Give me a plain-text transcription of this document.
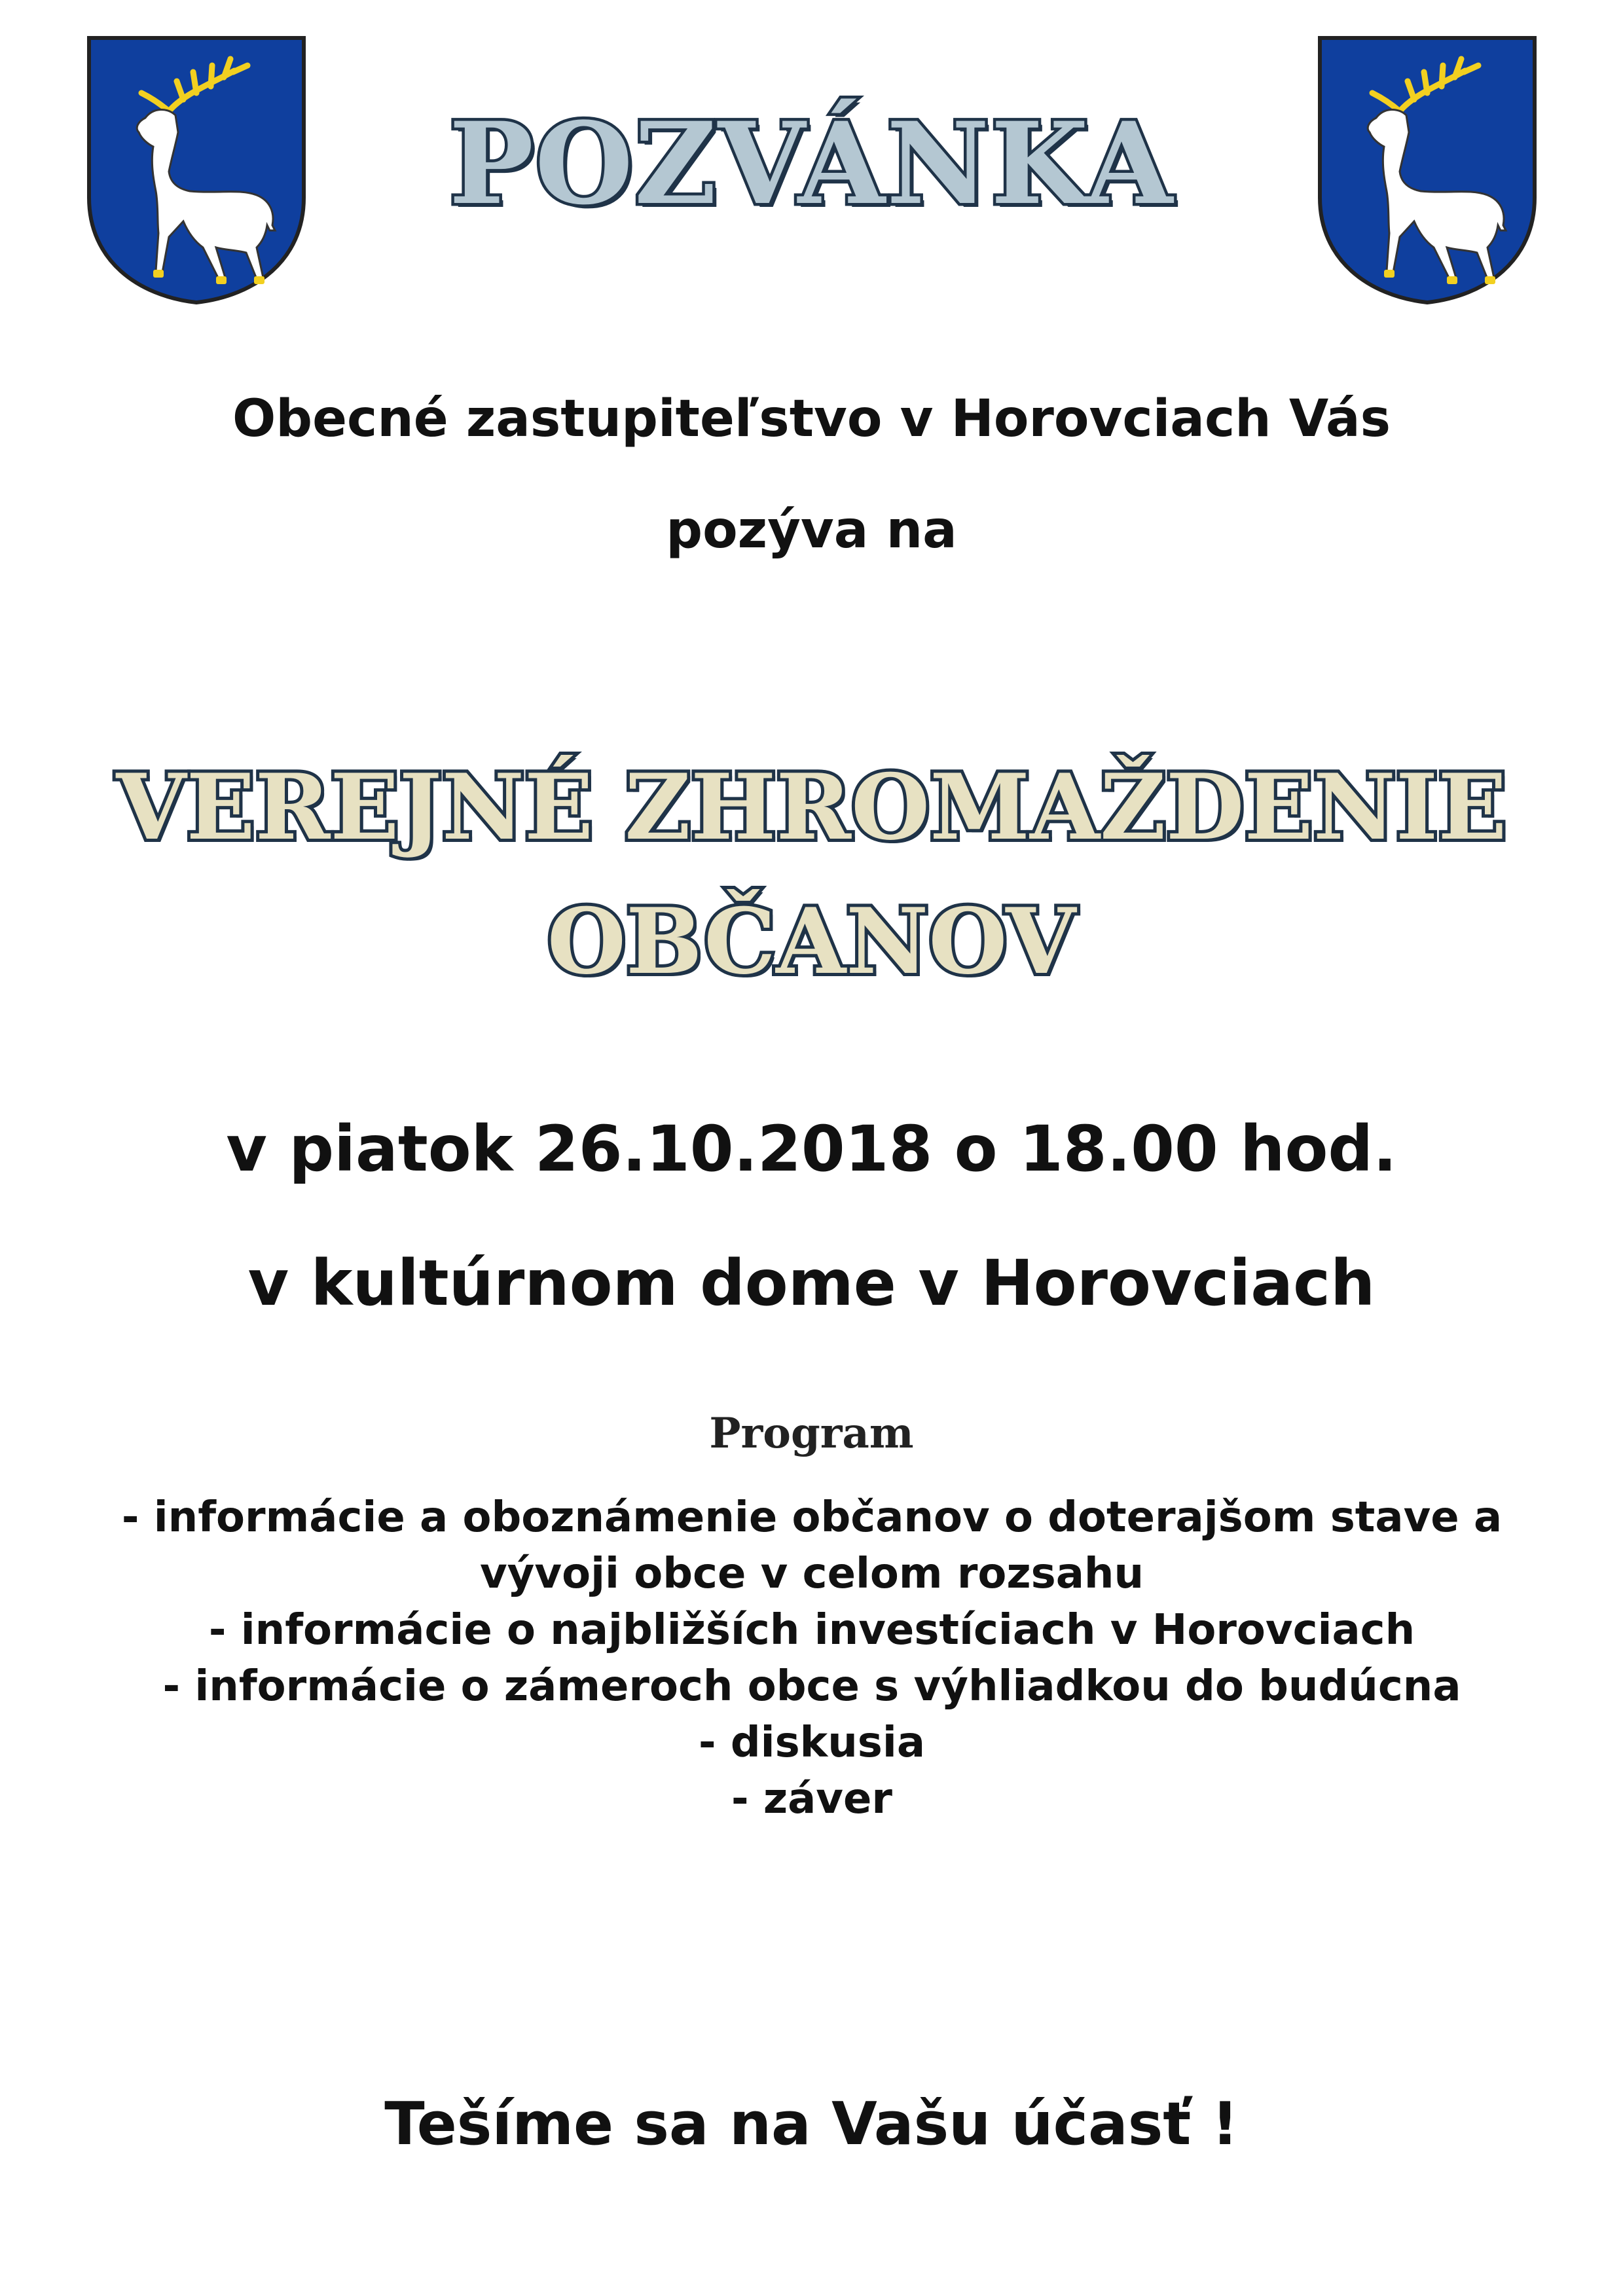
POZVÁNKA
Obecné zastupiteľstvo v Horovciach Vás
pozýva na
VEREJNÉ ZHROMAŽDENIE
OBČANOV
v piatok 26.10.2018 o 18.00 hod.
v kultúrnom dome v Horovciach
Program
- informácie a oboznámenie občanov o doterajšom stave a vývoji obce v celom rozsahu
- informácie o najbližších investíciach v Horovciach
- informácie o zámeroch obce s výhliadkou do budúcna
- diskusia
- záver
Tešíme sa na Vašu účasť !
